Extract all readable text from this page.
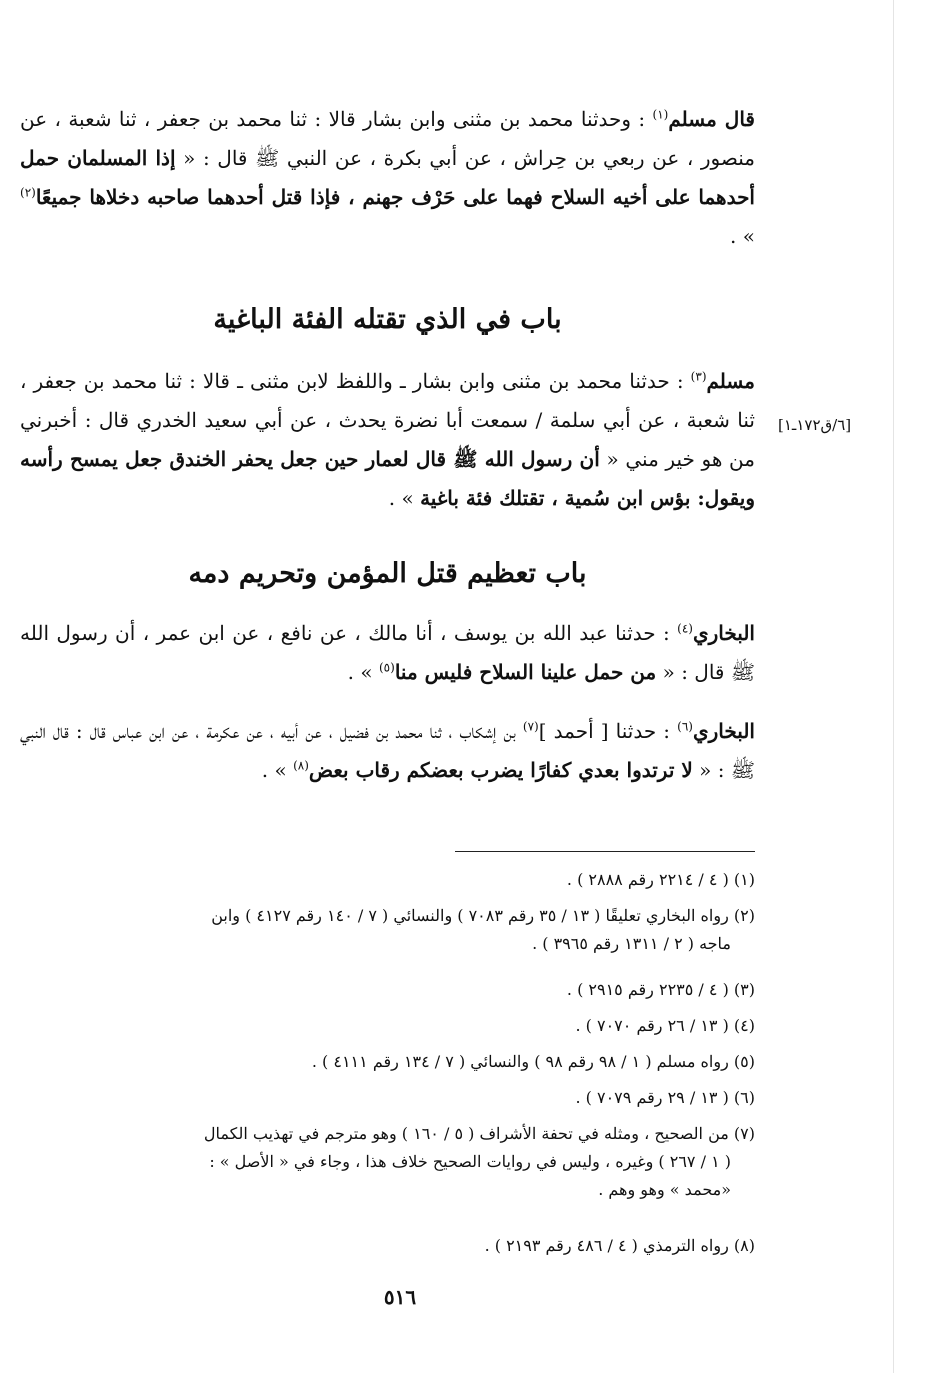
قال مسلم$^{(١)}$ : وحدثنا محمد بن مثنى وابن بشار قالا : ثنا محمد بن جعفر ، ثنا شعبة ، عن منصور ، عن ربعي بن حِراش ، عن أبي بكرة ، عن النبي ﷺ قال : « إذا المسلمان حمل أحدهما على أخيه السلاح فهما على حَرْف جهنم ، فإذا قتل أحدهما صاحبه دخلاها جميعًا$^{(٢)}$ » .
باب في الذي تقتله الفئة الباغية
مسلم$^{(٣)}$ : حدثنا محمد بن مثنى وابن بشار ـ واللفظ لابن مثنى ـ قالا : ثنا محمد بن جعفر ، ثنا شعبة ، عن أبي سلمة / سمعت أبا نضرة يحدث ، عن أبي سعيد الخدري قال : أخبرني من هو خير مني « أن رسول الله ﷺ قال لعمار حين جعل يحفر الخندق جعل يمسح رأسه ويقول: بؤس ابن سُمية ، تقتلك فئة باغية » .
[٦/ق١٧٢ـ١]
باب تعظيم قتل المؤمن وتحريم دمه
البخاري$^{(٤)}$ : حدثنا عبد الله بن يوسف ، أنا مالك ، عن نافع ، عن ابن عمر ، أن رسول الله ﷺ قال : « من حمل علينا السلاح فليس منا$^{(٥)}$ » .
البخاري$^{(٦)}$ : حدثنا [ أحمد ]$^{(٧)}$ بن إشكاب ، ثنا محمد بن فضيل ، عن أبيه ، عن عكرمة ، عن ابن عباس قال : قال النبي ﷺ : « لا ترتدوا بعدي كفارًا يضرب بعضكم رقاب بعض$^{(٨)}$ » .
(١) ( ٤ / ٢٢١٤ رقم ٢٨٨٨ ) .
(٢) رواه البخاري تعليقًا ( ١٣ / ٣٥ رقم ٧٠٨٣ ) والنسائي ( ٧ / ١٤٠ رقم ٤١٢٧ ) وابن
ماجه ( ٢ / ١٣١١ رقم ٣٩٦٥ ) .
(٣) ( ٤ / ٢٢٣٥ رقم ٢٩١٥ ) .
(٤) ( ١٣ / ٢٦ رقم ٧٠٧٠ ) .
(٥) رواه مسلم ( ١ / ٩٨ رقم ٩٨ ) والنسائي ( ٧ / ١٣٤ رقم ٤١١١ ) .
(٦) ( ١٣ / ٢٩ رقم ٧٠٧٩ ) .
(٧) من الصحيح ، ومثله في تحفة الأشراف ( ٥ / ١٦٠ ) وهو مترجم في تهذيب الكمال
( ١ / ٢٦٧ ) وغيره ، وليس في روايات الصحيح خلاف هذا ، وجاء في « الأصل » :
«محمد » وهو وهم .
(٨) رواه الترمذي ( ٤ / ٤٨٦ رقم ٢١٩٣ ) .
٥١٦
